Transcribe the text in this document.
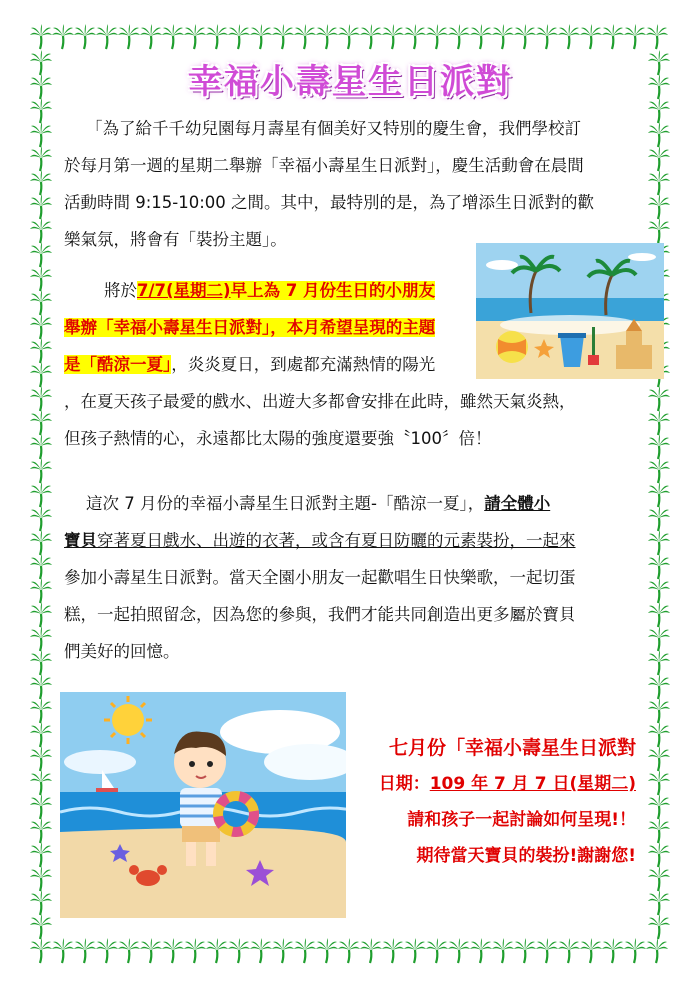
幸福小壽星生日派對

「為了給千千幼兒園每月壽星有個美好又特別的慶生會，我們學校訂

於每月第一週的星期二舉辦「幸福小壽星生日派對」，慶生活動會在晨間

活動時間 9:15-10:00 之間。其中，最特別的是，為了增添生日派對的歡

樂氣氛，將會有「裝扮主題」。

將於7/7(星期二)早上為 7 月份生日的小朋友

舉辦「幸福小壽星生日派對」，本月希望呈現的主題

是「酷涼一夏」，炎炎夏日，到處都充滿熱情的陽光

，在夏天孩子最愛的戲水、出遊大多都會安排在此時，雖然天氣炎熱，

但孩子熱情的心，永遠都比太陽的強度還要強〝100〞倍！

這次 7 月份的幸福小壽星生日派對主題-「酷涼一夏」，請全體小

寶貝穿著夏日戲水、出遊的衣著，或含有夏日防曬的元素裝扮，一起來

參加小壽星生日派對。當天全園小朋友一起歡唱生日快樂歌，一起切蛋

糕，一起拍照留念，因為您的參與，我們才能共同創造出更多屬於寶貝

們美好的回憶。

七月份「幸福小壽星生日派對

日期：109 年 7 月 7 日(星期二)

請和孩子一起討論如何呈現!！

期待當天寶貝的裝扮!謝謝您!
